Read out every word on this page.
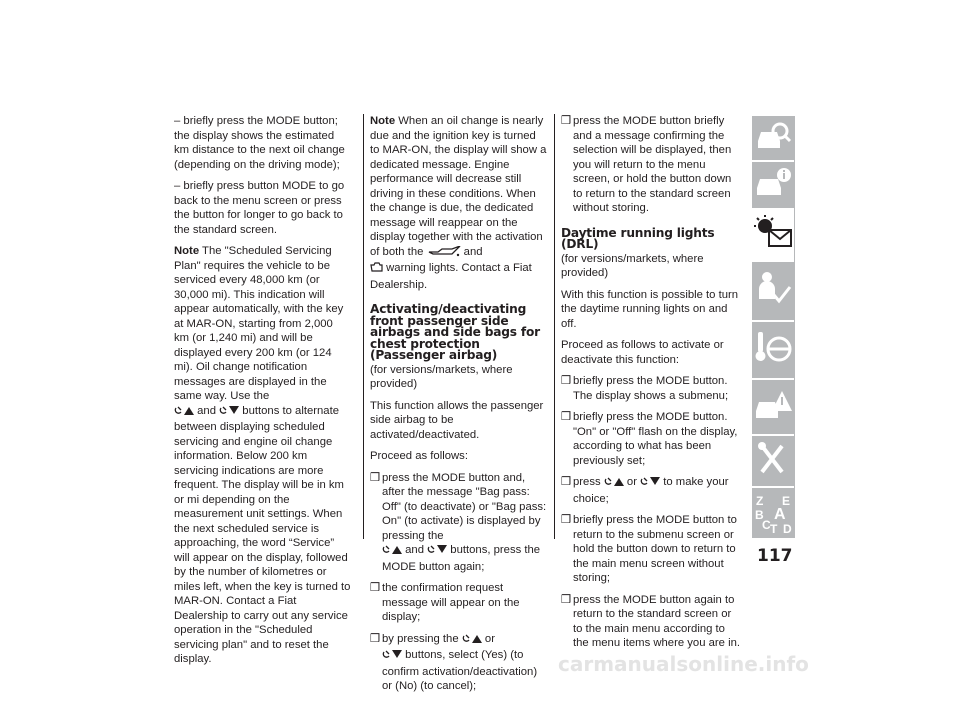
– briefly press the MODE button; the display shows the estimated km distance to the next oil change (depending on the driving mode);

– briefly press button MODE to go back to the menu screen or press the button for longer to go back to the standard screen.

Note The "Scheduled Servicing Plan" requires the vehicle to be serviced every 48,000 km (or 30,000 mi). This indication will appear automatically, with the key at MAR-ON, starting from 2,000 km (or 1,240 mi) and will be displayed every 200 km (or 124 mi). Oil change notification messages are displayed in the same way. Use the
and buttons to alternate between displaying scheduled servicing and engine oil change information. Below 200 km servicing indications are more frequent. The display will be in km or mi depending on the measurement unit settings. When the next scheduled service is approaching, the word “Service” will appear on the display, followed by the number of kilometres or miles left, when the key is turned to MAR-ON. Contact a Fiat Dealership to carry out any service operation in the "Scheduled servicing plan" and to reset the display.

Note When an oil change is nearly due and the ignition key is turned to MAR-ON, the display will show a dedicated message. Engine performance will decrease still driving in these conditions. When the change is due, the dedicated message will reappear on the display together with the activation of both the	and
warning lights. Contact a Fiat Dealership.

Activating/deactivating front passenger side airbags and side bags for chest protection (Passenger airbag)

(for versions/markets, where provided)

This function allows the passenger side airbag to be activated/deactivated.

Proceed as follows:

❒ press the MODE button and, after the message "Bag pass: Off" (to deactivate) or "Bag pass: On" (to activate) is displayed by pressing the
and buttons, press the MODE button again;
❒ the confirmation request message will appear on the display;
❒ by pressing the or
buttons, select (Yes) (to confirm activation/deactivation) or (No) (to cancel);
❒ press the MODE button briefly and a message confirming the selection will be displayed, then you will return to the menu screen, or hold the button down to return to the standard screen without storing.
Daytime running lights (DRL)

(for versions/markets, where provided)

With this function is possible to turn the daytime running lights on and off.

Proceed as follows to activate or deactivate this function:

❒ briefly press the MODE button. The display shows a submenu;
❒ briefly press the MODE button. "On" or "Off" flash on the display, according to what has been previously set;
❒ press or to make your choice;

❒ briefly press the MODE button to return to the submenu screen or hold the button down to return to the main menu screen without storing;
❒ press the MODE button again to return to the standard screen or to the main menu according to the menu items where you are in.
Z E
B A
C T D
117
carmanualsonline.info
